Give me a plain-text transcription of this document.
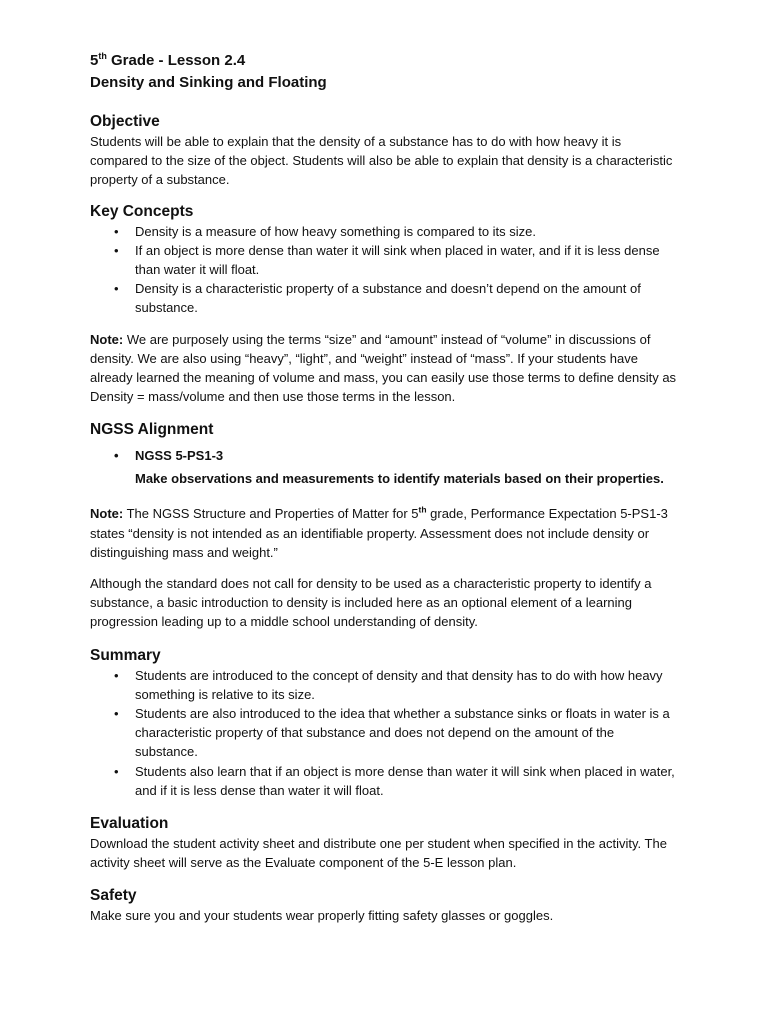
5th Grade - Lesson 2.4

Density and Sinking and Floating

Objective

Students will be able to explain that the density of a substance has to do with how heavy it is compared to the size of the object. Students will also be able to explain that density is a characteristic property of a substance.

Key Concepts
• Density is a measure of how heavy something is compared to its size.
• If an object is more dense than water it will sink when placed in water, and if it is less dense than water it will float.
• Density is a characteristic property of a substance and doesn’t depend on the amount of substance.

Note: We are purposely using the terms “size” and “amount” instead of “volume” in discussions of density. We are also using “heavy”, “light”, and “weight” instead of “mass”. If your students have already learned the meaning of volume and mass, you can easily use those terms to define density as Density = mass/volume and then use those terms in the lesson.

NGSS Alignment
• NGSS 5-PS1-3
Make observations and measurements to identify materials based on their properties.

Note: The NGSS Structure and Properties of Matter for 5th grade, Performance Expectation 5-PS1-3 states “density is not intended as an identifiable property. Assessment does not include density or distinguishing mass and weight.”

Although the standard does not call for density to be used as a characteristic property to identify a substance, a basic introduction to density is included here as an optional element of a learning progression leading up to a middle school understanding of density.

Summary
• Students are introduced to the concept of density and that density has to do with how heavy something is relative to its size.
• Students are also introduced to the idea that whether a substance sinks or floats in water is a characteristic property of that substance and does not depend on the amount of the substance.
• Students also learn that if an object is more dense than water it will sink when placed in water, and if it is less dense than water it will float.
Evaluation

Download the student activity sheet and distribute one per student when specified in the activity. The activity sheet will serve as the Evaluate component of the 5-E lesson plan.

Safety

Make sure you and your students wear properly fitting safety glasses or goggles.
